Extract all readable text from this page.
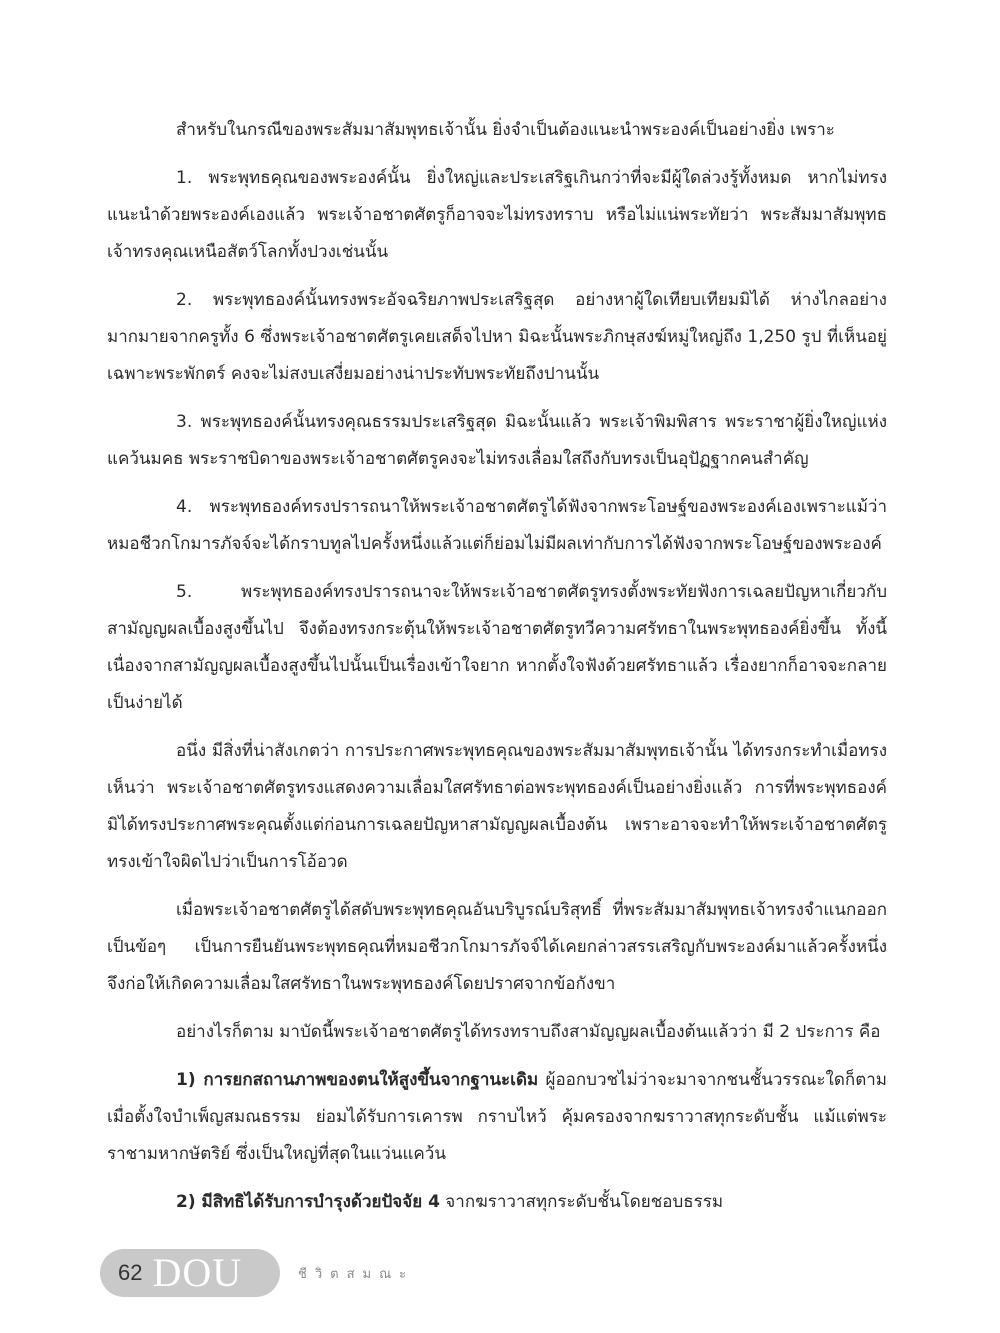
สำหรับในกรณีของพระสัมมาสัมพุทธเจ้านั้น ยิ่งจำเป็นต้องแนะนำพระองค์เป็นอย่างยิ่ง เพราะ

1. พระพุทธคุณของพระองค์นั้น ยิ่งใหญ่และประเสริฐเกินกว่าที่จะมีผู้ใดล่วงรู้ทั้งหมด หากไม่ทรงแนะนำด้วยพระองค์เองแล้ว พระเจ้าอชาตศัตรูก็อาจจะไม่ทรงทราบ หรือไม่แน่พระทัยว่า พระสัมมาสัมพุทธเจ้าทรงคุณเหนือสัตว์โลกทั้งปวงเช่นนั้น

2. พระพุทธองค์นั้นทรงพระอัจฉริยภาพประเสริฐสุด อย่างหาผู้ใดเทียบเทียมมิได้ ห่างไกลอย่างมากมายจากครูทั้ง 6 ซึ่งพระเจ้าอชาตศัตรูเคยเสด็จไปหา มิฉะนั้นพระภิกษุสงฆ์หมู่ใหญ่ถึง 1,250 รูป ที่เห็นอยู่เฉพาะพระพักตร์ คงจะไม่สงบเสงี่ยมอย่างน่าประทับพระทัยถึงปานนั้น

3. พระพุทธองค์นั้นทรงคุณธรรมประเสริฐสุด มิฉะนั้นแล้ว พระเจ้าพิมพิสาร พระราชาผู้ยิ่งใหญ่แห่งแคว้นมคธ พระราชบิดาของพระเจ้าอชาตศัตรูคงจะไม่ทรงเลื่อมใสถึงกับทรงเป็นอุปัฏฐากคนสำคัญ

4. พระพุทธองค์ทรงปรารถนาให้พระเจ้าอชาตศัตรูได้ฟังจากพระโอษฐ์ของพระองค์เองเพราะแม้ว่าหมอชีวกโกมารภัจจ์จะได้กราบทูลไปครั้งหนึ่งแล้วแต่ก็ย่อมไม่มีผลเท่ากับการได้ฟังจากพระโอษฐ์ของพระองค์

5. พระพุทธองค์ทรงปรารถนาจะให้พระเจ้าอชาตศัตรูทรงตั้งพระทัยฟังการเฉลยปัญหาเกี่ยวกับสามัญญผลเบื้องสูงขึ้นไป จึงต้องทรงกระตุ้นให้พระเจ้าอชาตศัตรูทวีความศรัทธาในพระพุทธองค์ยิ่งขึ้น ทั้งนี้ เนื่องจากสามัญญผลเบื้องสูงขึ้นไปนั้นเป็นเรื่องเข้าใจยาก หากตั้งใจฟังด้วยศรัทธาแล้ว เรื่องยากก็อาจจะกลายเป็นง่ายได้

อนึ่ง มีสิ่งที่น่าสังเกตว่า การประกาศพระพุทธคุณของพระสัมมาสัมพุทธเจ้านั้น ได้ทรงกระทำเมื่อทรงเห็นว่า พระเจ้าอชาตศัตรูทรงแสดงความเลื่อมใสศรัทธาต่อพระพุทธองค์เป็นอย่างยิ่งแล้ว การที่พระพุทธองค์มิได้ทรงประกาศพระคุณตั้งแต่ก่อนการเฉลยปัญหาสามัญญผลเบื้องต้น เพราะอาจจะทำให้พระเจ้าอชาตศัตรูทรงเข้าใจผิดไปว่าเป็นการโอ้อวด

เมื่อพระเจ้าอชาตศัตรูได้สดับพระพุทธคุณอันบริบูรณ์บริสุทธิ์ ที่พระสัมมาสัมพุทธเจ้าทรงจำแนกออกเป็นข้อๆ เป็นการยืนยันพระพุทธคุณที่หมอชีวกโกมารภัจจ์ได้เคยกล่าวสรรเสริญกับพระองค์มาแล้วครั้งหนึ่ง จึงก่อให้เกิดความเลื่อมใสศรัทธาในพระพุทธองค์โดยปราศจากข้อกังขา

อย่างไรก็ตาม มาบัดนี้พระเจ้าอชาตศัตรูได้ทรงทราบถึงสามัญญผลเบื้องต้นแล้วว่า มี 2 ประการ คือ

1) การยกสถานภาพของตนให้สูงขึ้นจากฐานะเดิม ผู้ออกบวชไม่ว่าจะมาจากชนชั้นวรรณะใดก็ตาม เมื่อตั้งใจบำเพ็ญสมณธรรม ย่อมได้รับการเคารพ กราบไหว้ คุ้มครองจากฆราวาสทุกระดับชั้น แม้แต่พระราชามหากษัตริย์ ซึ่งเป็นใหญ่ที่สุดในแว่นแคว้น

2) มีสิทธิได้รับการบำรุงด้วยปัจจัย 4 จากฆราวาสทุกระดับชั้นโดยชอบธรรม

62 DOU	ชีวิตสมณะ
